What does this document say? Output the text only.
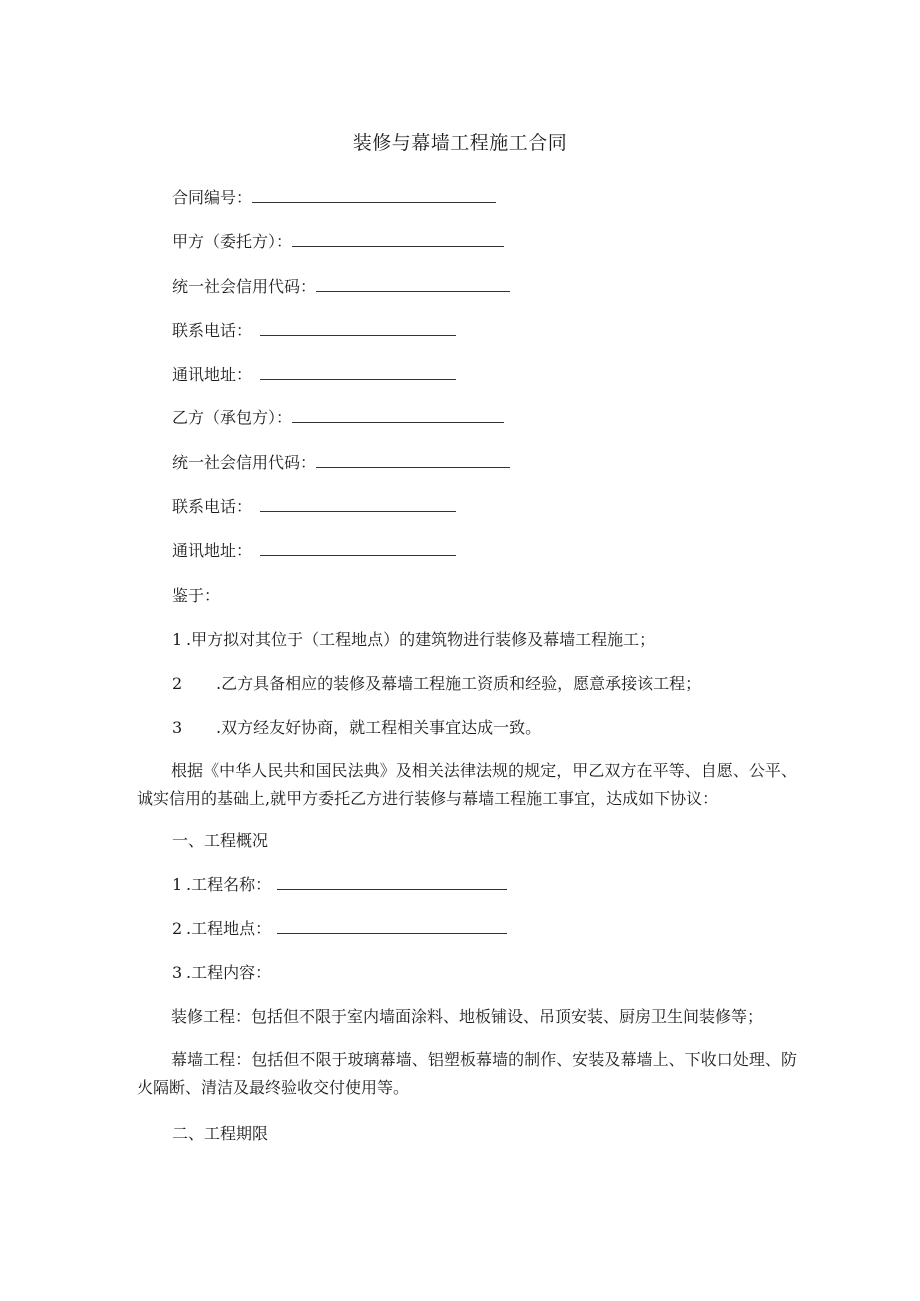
装修与幕墙工程施工合同
合同编号：
甲方（委托方）：
统一社会信用代码：
联系电话：
通讯地址：
乙方（承包方）：
统一社会信用代码：
联系电话：
通讯地址：
鉴于：
1 .甲方拟对其位于（工程地点）的建筑物进行装修及幕墙工程施工；
2 .乙方具备相应的装修及幕墙工程施工资质和经验，愿意承接该工程；
3 .双方经友好协商，就工程相关事宜达成一致。
根据《中华人民共和国民法典》及相关法律法规的规定，甲乙双方在平等、自愿、公平、诚实信用的基础上,就甲方委托乙方进行装修与幕墙工程施工事宜，达成如下协议：
一、工程概况
1 .工程名称：
2 .工程地点：
3 .工程内容：
装修工程：包括但不限于室内墙面涂料、地板铺设、吊顶安装、厨房卫生间装修等；
幕墙工程：包括但不限于玻璃幕墙、铝塑板幕墙的制作、安装及幕墙上、下收口处理、防火隔断、清洁及最终验收交付使用等。
二、工程期限
